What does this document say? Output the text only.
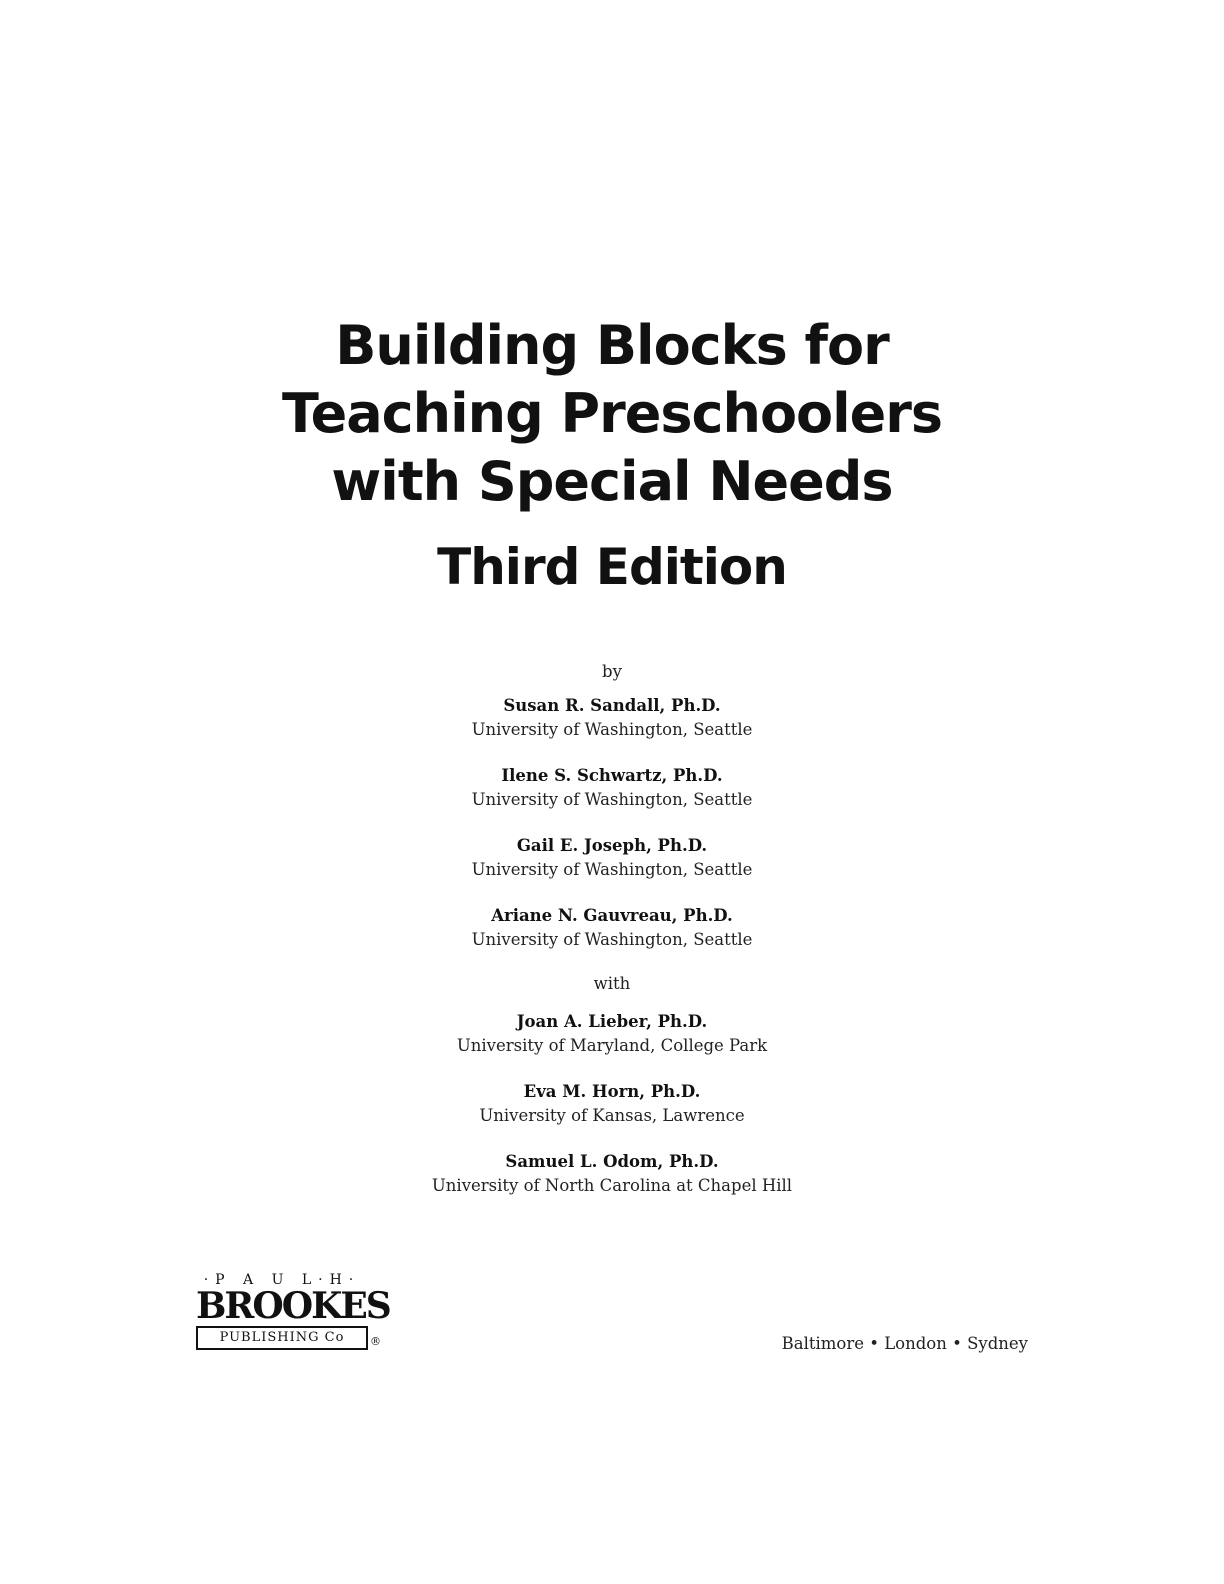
Building Blocks for
Teaching Preschoolers
with Special Needs
Third Edition
by
Susan R. Sandall, Ph.D.
University of Washington, Seattle
Ilene S. Schwartz, Ph.D.
University of Washington, Seattle
Gail E. Joseph, Ph.D.
University of Washington, Seattle
Ariane N. Gauvreau, Ph.D.
University of Washington, Seattle
with
Joan A. Lieber, Ph.D.
University of Maryland, College Park
Eva M. Horn, Ph.D.
University of Kansas, Lawrence
Samuel L. Odom, Ph.D.
University of North Carolina at Chapel Hill
·P A U L·H·
BROOKES
PUBLISHING Co	®	Baltimore • London • Sydney
